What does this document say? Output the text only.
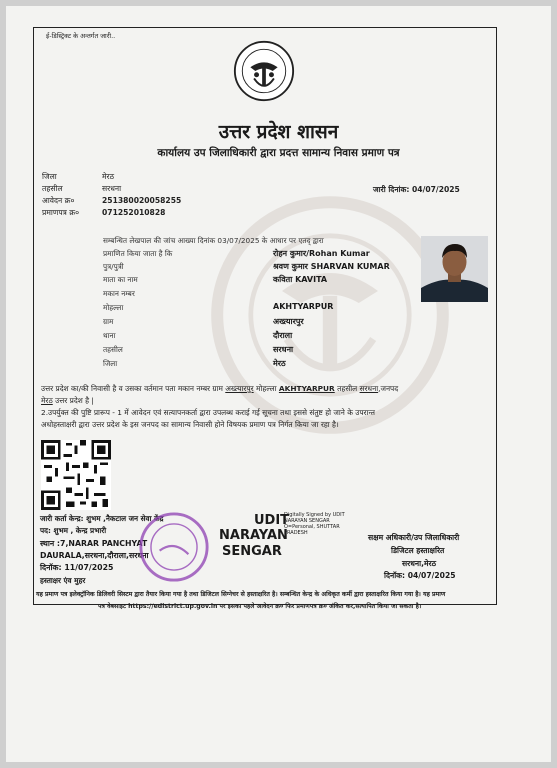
ई-डिस्ट्रिक्ट के अन्तर्गत जारी..
उत्तर प्रदेश शासन
कार्यालय उप जिलाधिकारी द्वारा प्रदत्त सामान्य निवास प्रमाण पत्र
जिला	मेरठ
तहसील	सरधना	जारी दिनांक: 04/07/2025
आवेदन क्र०	251380020058255
प्रमाणपत्र क्र०	071252010828
सम्बन्धित लेखपाल की जांच आख्या दिनांक 03/07/2025 के आधार पर एतद् द्वारा
प्रमाणित किया जाता है कि	रोहन कुमार/Rohan Kumar
पुत्र/पुत्री	श्रवण कुमार SHARVAN KUMAR
माता का नाम	कविता KAVITA
मकान नम्बर
मोहल्ला	AKHTYARPUR
ग्राम	अख्त्यारपुर
थाना	दौराला
तहसील	सरधना
जिला	मेरठ
उत्तर प्रदेश का/की निवासी है व उसका वर्तमान पता मकान नम्बर ग्राम अख्त्यारपुर मोहल्ला AKHTYARPUR तहसील सरधना,जनपद
मेरठ उत्तर प्रदेश है |
2.उपर्युक्त की पुष्टि प्रारूप - 1 में आवेदन एवं सत्यापनकर्ता द्वारा उपलब्ध कराई गई सूचना तथा इससे संतुष्ट हो जाने के उपरान्त
अधोहस्ताक्षरी द्वारा उत्तर प्रदेश के इस जनपद का सामान्य निवासी होने विषयक प्रमाण पत्र निर्गत किया जा रहा है।
जारी कर्ता केन्द्र: शुभम ,नैकटाल जन सेवा केंद्र
पद: शुभम , केन्द्र प्रभारी
स्थान :7,NARAR PANCHYAT
DAURALA,सरधना,दौराला,सरधना
दिनॉक: 11/07/2025
हस्ताक्षर एंव मुहर
UDIT
NARAYAN
SENGAR
Digitally Signed by UDIT
NARAYAN SENGAR
O=Personal, SHUTTAR
PRADESH	सक्षम अधिकारी/उप जिलाधिकारी
डिजिटल हस्ताक्षरित
सरधना,मेरठ
दिनॉक: 04/07/2025
यह प्रमाण पत्र इलेक्ट्रॉनिक डिलिवरी सिस्टम द्वारा तैयार किया गया है तथा डिजिटल सिग्नेचर से हस्ताक्षरित है। सम्बन्धित केन्द्र के अधिकृत कर्मी द्वारा हस्ताक्षरित किया गया है। यह प्रमाण
पत्र वेबसाइट https://edistrict.up.gov.in पर इसका पहले आवेदन क्र० फिर प्रमाणपत्र क्र० अंकित कर,सत्यापित किया जा सकता है।
